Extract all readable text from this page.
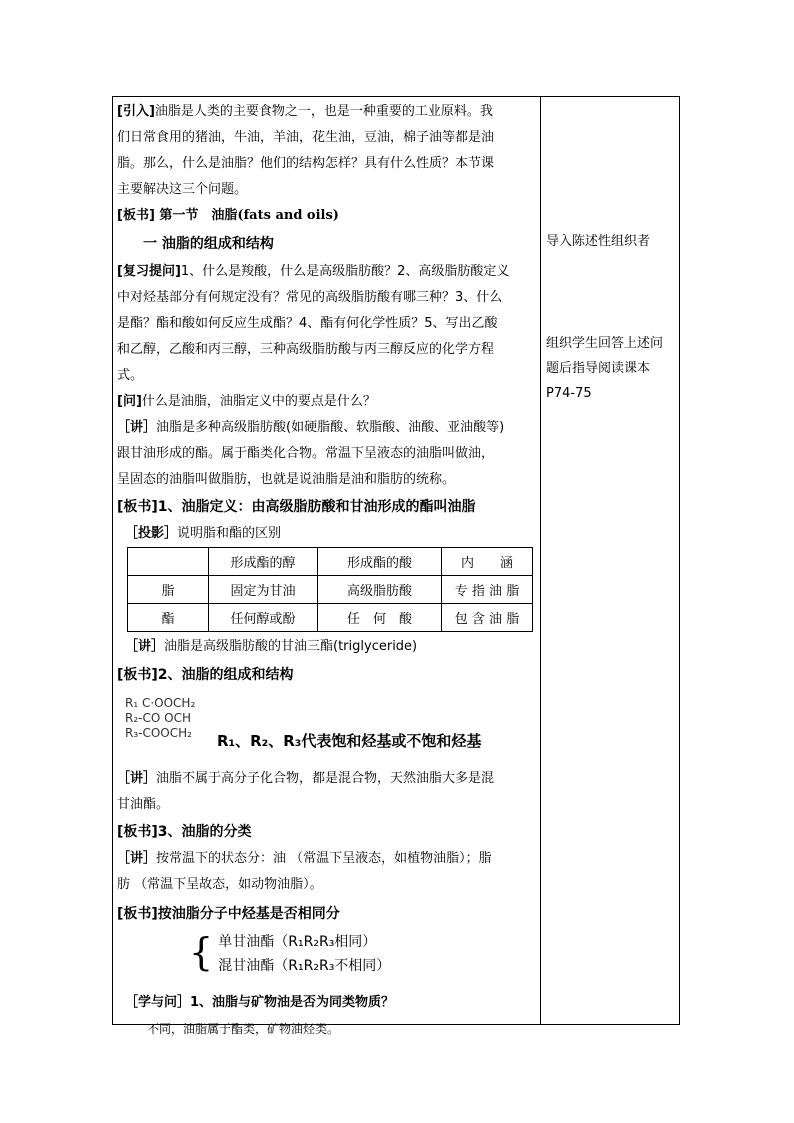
[引入]油脂是人类的主要食物之一，也是一种重要的工业原料。我
们日常食用的猪油，牛油，羊油，花生油，豆油，棉子油等都是油
脂。那么，什么是油脂？他们的结构怎样？具有什么性质？本节课
主要解决这三个问题。

[板书] 第一节　油脂(fats and oils)

一 油脂的组成和结构

[复习提问]1、什么是羧酸，什么是高级脂肪酸？2、高级脂肪酸定义
中对烃基部分有何规定没有？常见的高级脂肪酸有哪三种？3、什么
是酯？酯和酸如何反应生成酯？4、酯有何化学性质？5、写出乙酸
和乙醇，乙酸和丙三醇，三种高级脂肪酸与丙三醇反应的化学方程
式。

[问]什么是油脂，油脂定义中的要点是什么？

［讲］油脂是多种高级脂肪酸(如硬脂酸、软脂酸、油酸、亚油酸等)
跟甘油形成的酯。属于酯类化合物。常温下呈液态的油脂叫做油，
呈固态的油脂叫做脂肪，也就是说油脂是油和脂肪的统称。

[板书]1、油脂定义：由高级脂肪酸和甘油形成的酯叫油脂

［投影］说明脂和酯的区别

	形成酯的醇	形成酯的酸	内　　涵
脂	固定为甘油	高级脂肪酸	专 指 油 脂
酯	任何醇或酚	任　何　酸	包 含 油 脂

［讲］油脂是高级脂肪酸的甘油三酯(triglyceride)

[板书]2、油脂的组成和结构

R₁ C·OOCH₂

R₂-CO OCH

R₃-COOCH₂ R₁、R₂、R₃代表饱和烃基或不饱和烃基

［讲］油脂不属于高分子化合物，都是混合物，天然油脂大多是混
甘油酯。

[板书]3、油脂的分类

［讲］按常温下的状态分：油 （常温下呈液态，如植物油脂）；脂
肪 （常温下呈故态，如动物油脂）。

[板书]按油脂分子中烃基是否相同分

{ 单甘油酯（R₁R₂R₃相同）
混甘油酯（R₁R₂R₃不相同）

［学与问］1、油脂与矿物油是否为同类物质？

不同，油脂属于酯类，矿物油烃类。

导入陈述性组织者
组织学生回答上述问
题后指导阅读课本
P74-75
